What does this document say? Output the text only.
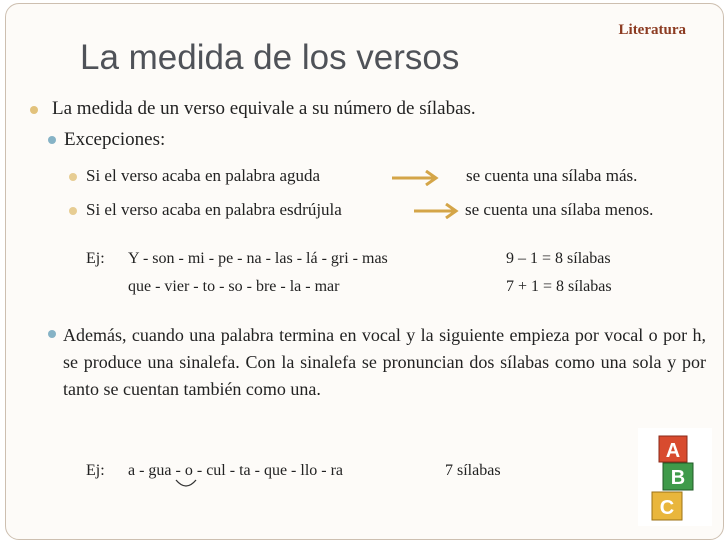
Literatura
La medida de los versos
La medida de un verso equivale a su número de sílabas.
Excepciones:
Si el verso acaba en palabra aguda	se cuenta una sílaba más.
Si el verso acaba en palabra esdrújula	se cuenta una sílaba menos.
Ej: Y - son - mi - pe - na - las - lá - gri - mas	9 – 1 = 8 sílabas
que - vier - to - so - bre - la - mar	7 + 1 = 8 sílabas
Además, cuando una palabra termina en vocal y la siguiente empieza por vocal o por h, se produce una sinalefa. Con la sinalefa se pronuncian dos sílabas como una sola y por tanto se cuentan también como una.
Ej: a - gua - o - cul - ta - que - llo - ra	7 sílabas
A
B
C
